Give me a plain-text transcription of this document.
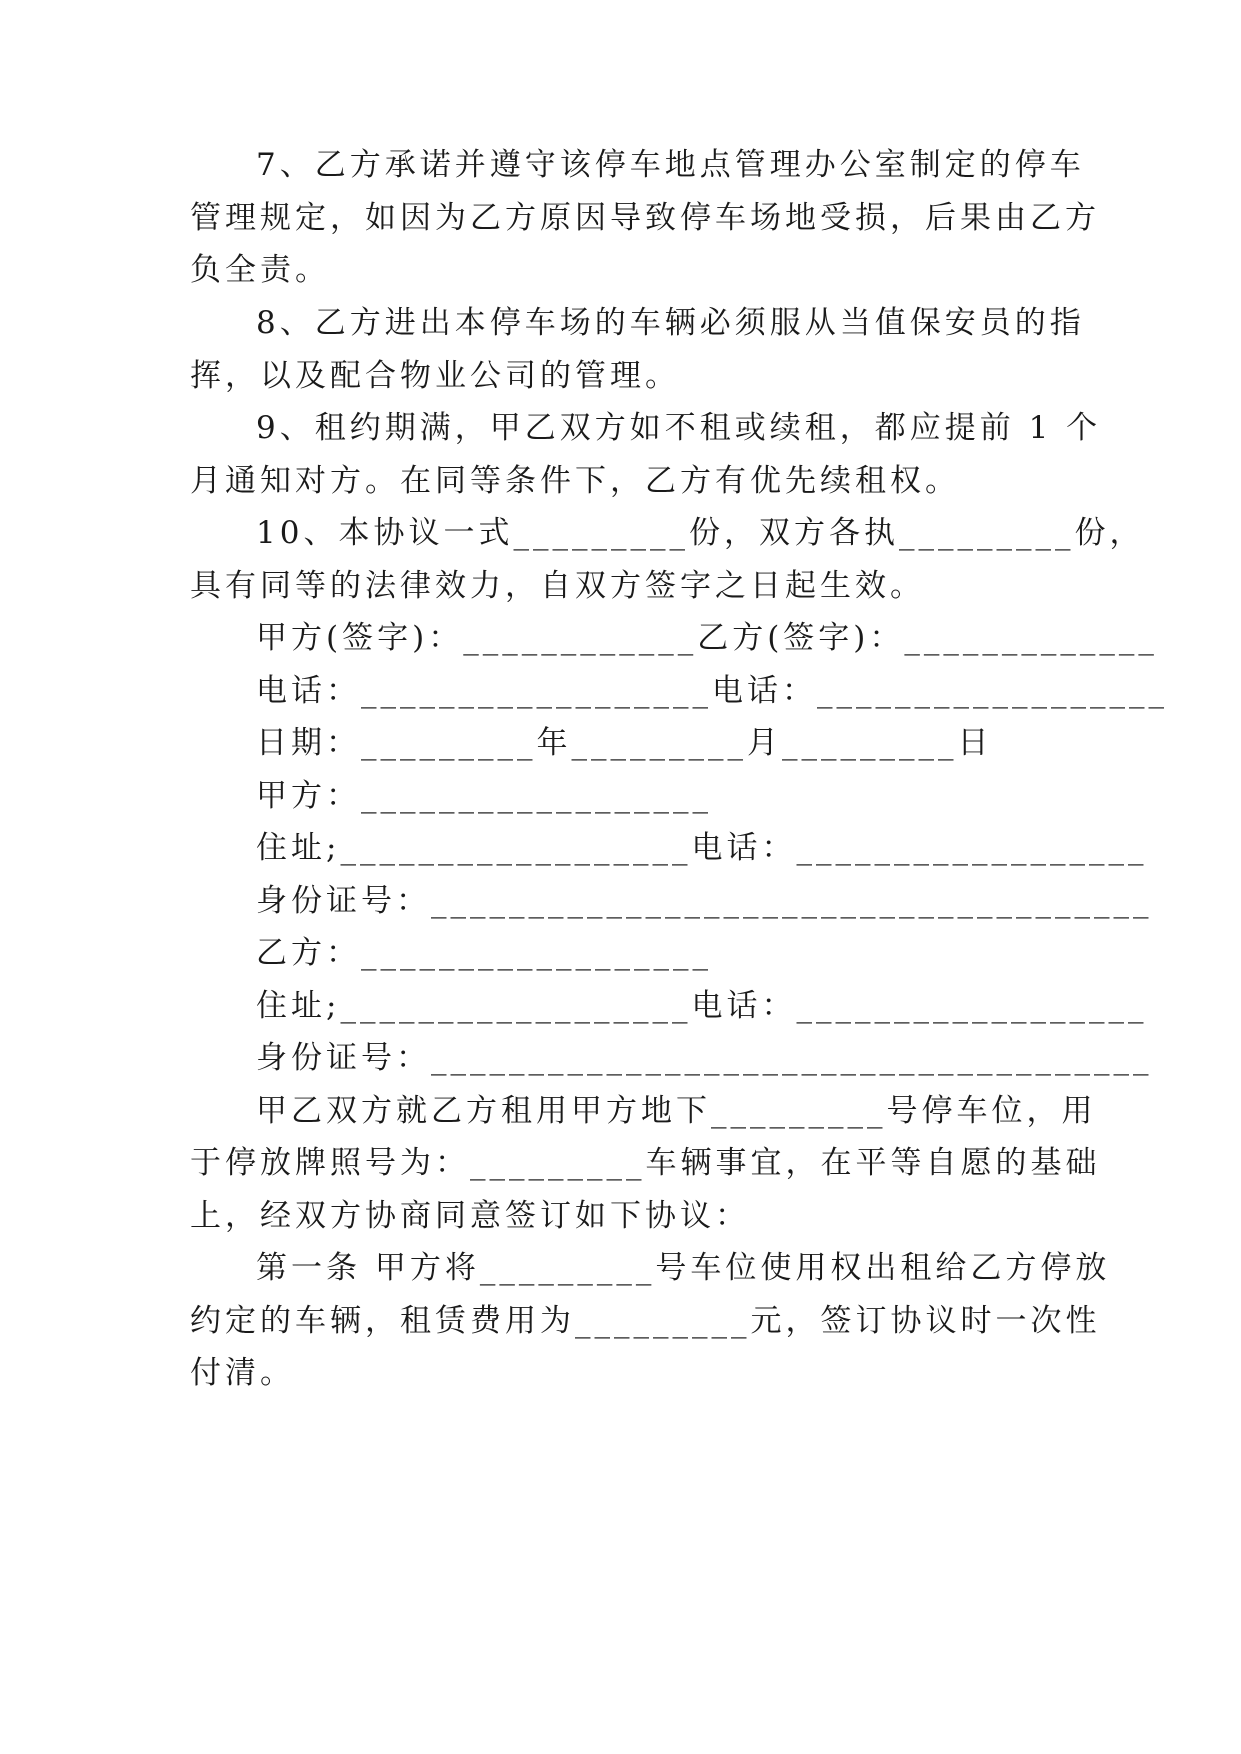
7、乙方承诺并遵守该停车地点管理办公室制定的停车
管理规定，如因为乙方原因导致停车场地受损，后果由乙方
负全责。
8、乙方进出本停车场的车辆必须服从当值保安员的指
挥，以及配合物业公司的管理。
9、租约期满，甲乙双方如不租或续租，都应提前 1 个
月通知对方。在同等条件下，乙方有优先续租权。
10、本协议一式_________份，双方各执_________份，
具有同等的法律效力，自双方签字之日起生效。
甲方(签字)：____________乙方(签字)：_____________
电话：__________________电话：__________________
日期：_________年_________月_________日
甲方：__________________
住址;__________________电话：__________________
身份证号：_____________________________________
乙方：__________________
住址;__________________电话：__________________
身份证号：_____________________________________
甲乙双方就乙方租用甲方地下_________号停车位，用
于停放牌照号为：_________车辆事宜，在平等自愿的基础
上，经双方协商同意签订如下协议：
第一条 甲方将_________号车位使用权出租给乙方停放
约定的车辆，租赁费用为_________元，签订协议时一次性
付清。
